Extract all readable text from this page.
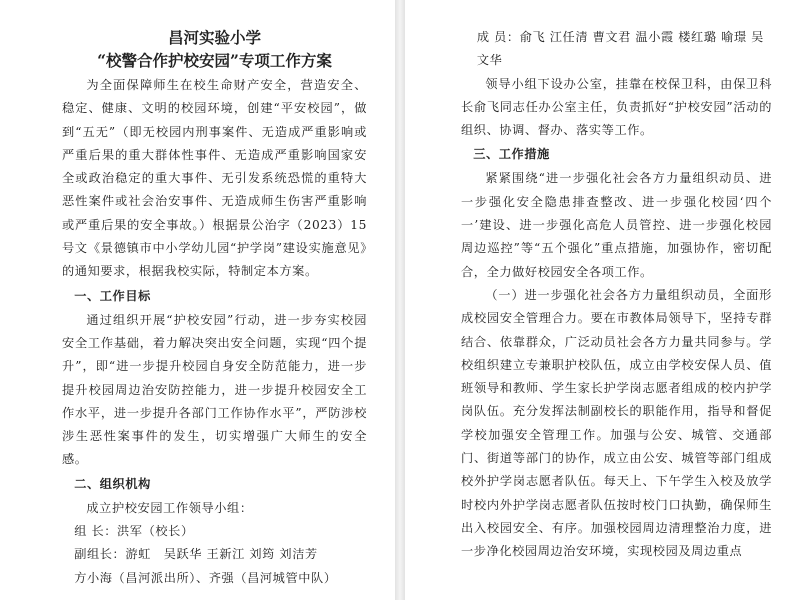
昌河实验小学
“校警合作护校安园”专项工作方案

为全面保障师生在校生命财产安全，营造安全、稳定、健康、文明的校园环境，创建“平安校园”，做到“五无”（即无校园内刑事案件、无造成严重影响或严重后果的重大群体性事件、无造成严重影响国家安全或政治稳定的重大事件、无引发系统恐慌的重特大恶性案件或社会治安事件、无造成师生伤害严重影响或严重后果的安全事故。）根据景公治字（2023）15号文《景德镇市中小学幼儿园“护学岗”建设实施意见》的通知要求，根据我校实际，特制定本方案。

一、工作目标

通过组织开展“护校安园”行动，进一步夯实校园安全工作基础，着力解决突出安全问题，实现“四个提升”，即“进一步提升校园自身安全防范能力，进一步提升校园周边治安防控能力，进一步提升校园安全工作水平，进一步提升各部门工作协作水平”，严防涉校涉生恶性案事件的发生，切实增强广大师生的安全感。

二、组织机构

成立护校安园工作领导小组：

组 长：洪军（校长）

副组长：游虹　吴跃华 王新江 刘筠 刘洁芳

方小海（昌河派出所）、齐强（昌河城管中队）

成 员：俞飞 江任清 曹文君 温小霞 楼红璐 喻璟 吴

文华

领导小组下设办公室，挂靠在校保卫科，由保卫科长俞飞同志任办公室主任，负责抓好“护校安园”活动的组织、协调、督办、落实等工作。

三、工作措施

紧紧围绕“进一步强化社会各方力量组织动员、进一步强化安全隐患排查整改、进一步强化校园‘四个一’建设、进一步强化高危人员管控、进一步强化校园周边巡控”等“五个强化”重点措施，加强协作，密切配合，全力做好校园安全各项工作。

（一）进一步强化社会各方力量组织动员，全面形成校园安全管理合力。要在市教体局领导下，坚持专群结合、依靠群众，广泛动员社会各方力量共同参与。学校组织建立专兼职护校队伍，成立由学校安保人员、值班领导和教师、学生家长护学岗志愿者组成的校内护学岗队伍。充分发挥法制副校长的职能作用，指导和督促学校加强安全管理工作。加强与公安、城管、交通部门、街道等部门的协作，成立由公安、城管等部门组成校外护学岗志愿者队伍。每天上、下午学生入校及放学时校内外护学岗志愿者队伍按时校门口执勤，确保师生出入校园安全、有序。加强校园周边清理整治力度，进一步净化校园周边治安环境，实现校园及周边重点
